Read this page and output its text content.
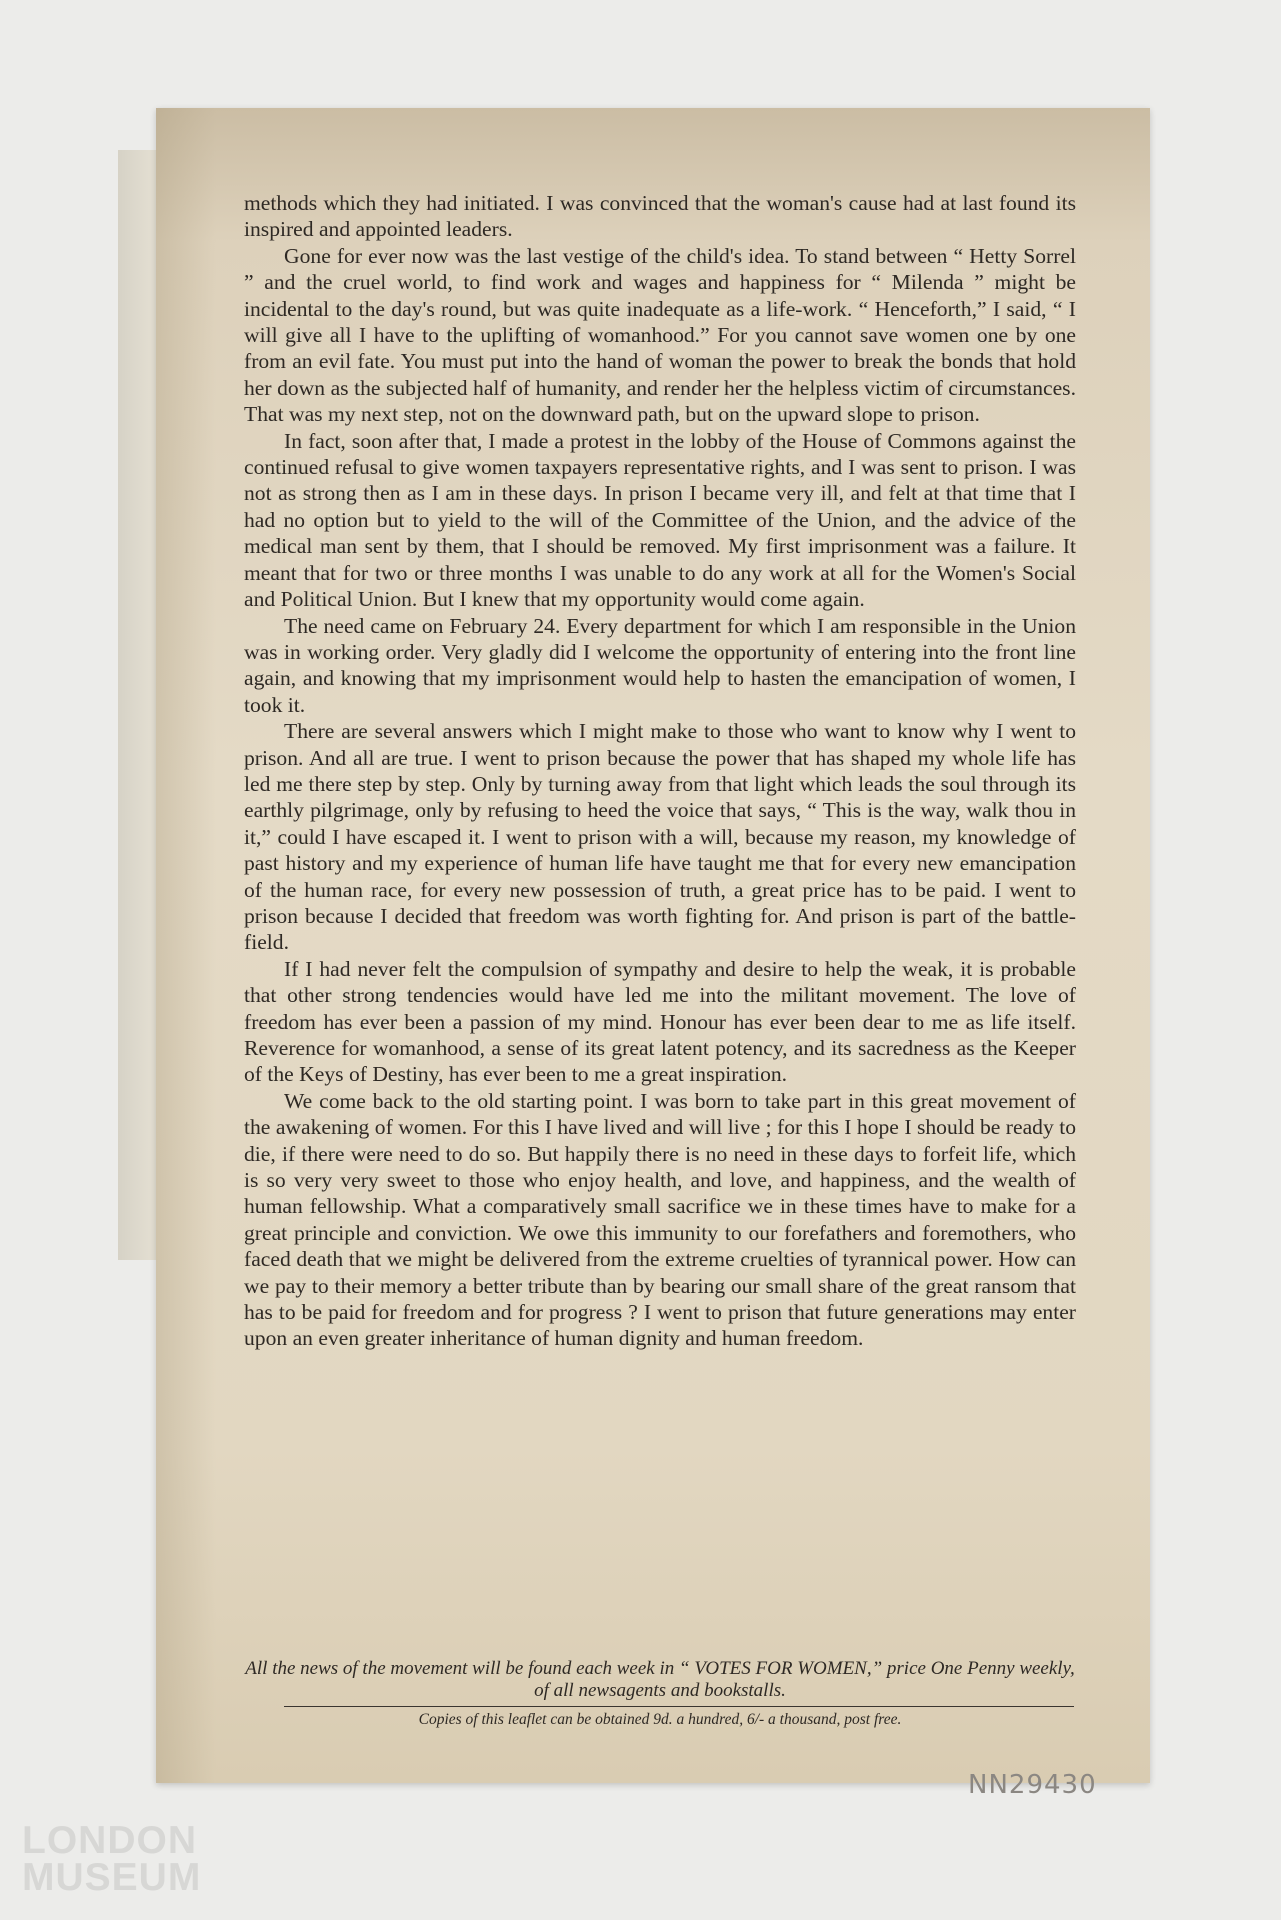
methods which they had initiated. I was convinced that the woman's cause had at last found its inspired and appointed leaders.

Gone for ever now was the last vestige of the child's idea. To stand between “ Hetty Sorrel ” and the cruel world, to find work and wages and happiness for “ Milenda ” might be incidental to the day's round, but was quite inadequate as a life-work. “ Henceforth,” I said, “ I will give all I have to the uplifting of womanhood.” For you cannot save women one by one from an evil fate. You must put into the hand of woman the power to break the bonds that hold her down as the subjected half of humanity, and render her the helpless victim of circumstances. That was my next step, not on the downward path, but on the upward slope to prison.

In fact, soon after that, I made a protest in the lobby of the House of Commons against the continued refusal to give women taxpayers representative rights, and I was sent to prison. I was not as strong then as I am in these days. In prison I became very ill, and felt at that time that I had no option but to yield to the will of the Committee of the Union, and the advice of the medical man sent by them, that I should be removed. My first imprisonment was a failure. It meant that for two or three months I was unable to do any work at all for the Women's Social and Political Union. But I knew that my opportunity would come again.

The need came on February 24. Every department for which I am responsible in the Union was in working order. Very gladly did I welcome the opportunity of entering into the front line again, and knowing that my imprisonment would help to hasten the emancipation of women, I took it.

There are several answers which I might make to those who want to know why I went to prison. And all are true. I went to prison because the power that has shaped my whole life has led me there step by step. Only by turning away from that light which leads the soul through its earthly pilgrimage, only by refusing to heed the voice that says, “ This is the way, walk thou in it,” could I have escaped it. I went to prison with a will, because my reason, my knowledge of past history and my experience of human life have taught me that for every new emancipation of the human race, for every new possession of truth, a great price has to be paid. I went to prison because I decided that freedom was worth fighting for. And prison is part of the battle-field.

If I had never felt the compulsion of sympathy and desire to help the weak, it is probable that other strong tendencies would have led me into the militant movement. The love of freedom has ever been a passion of my mind. Honour has ever been dear to me as life itself. Reverence for womanhood, a sense of its great latent potency, and its sacredness as the Keeper of the Keys of Destiny, has ever been to me a great inspiration.

We come back to the old starting point. I was born to take part in this great movement of the awakening of women. For this I have lived and will live ; for this I hope I should be ready to die, if there were need to do so. But happily there is no need in these days to forfeit life, which is so very very sweet to those who enjoy health, and love, and happiness, and the wealth of human fellowship. What a comparatively small sacrifice we in these times have to make for a great principle and conviction. We owe this immunity to our forefathers and foremothers, who faced death that we might be delivered from the extreme cruelties of tyrannical power. How can we pay to their memory a better tribute than by bearing our small share of the great ransom that has to be paid for freedom and for progress ? I went to prison that future generations may enter upon an even greater inheritance of human dignity and human freedom.

All the news of the movement will be found each week in “ VOTES FOR WOMEN,” price One Penny weekly, of all newsagents and bookstalls.
Copies of this leaflet can be obtained 9d. a hundred, 6/- a thousand, post free.
NN29430
LONDON
MUSEUM
